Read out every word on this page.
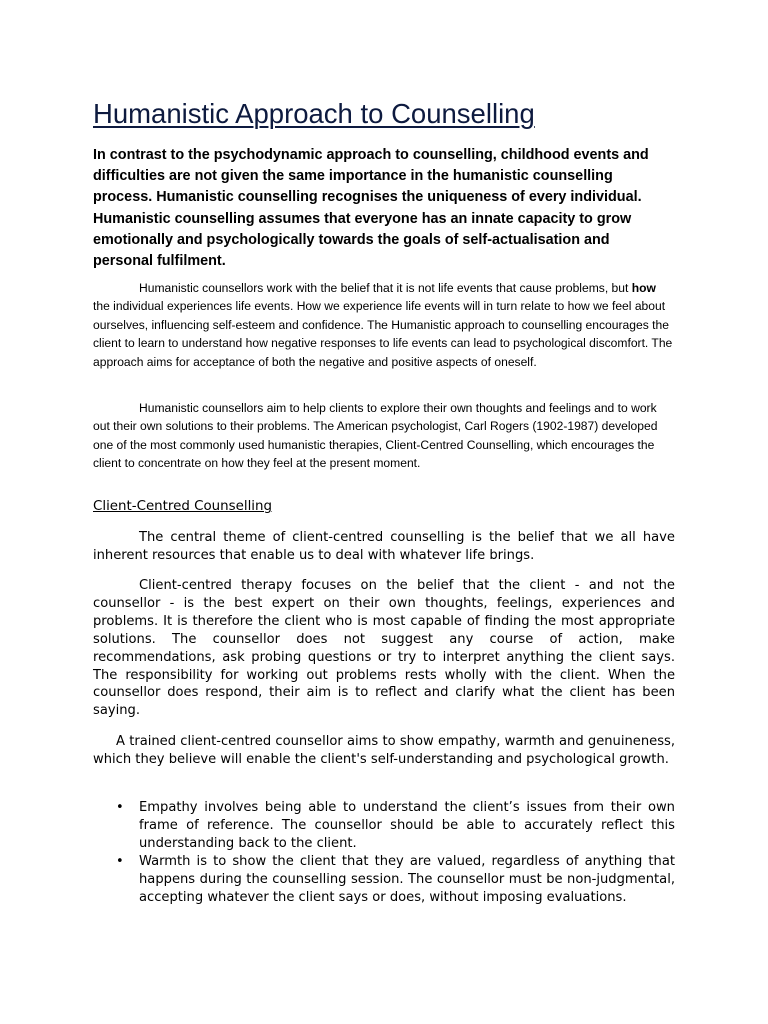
Humanistic Approach to Counselling

In contrast to the psychodynamic approach to counselling, childhood events and difficulties are not given the same importance in the humanistic counselling process. Humanistic counselling recognises the uniqueness of every individual. Humanistic counselling assumes that everyone has an innate capacity to grow emotionally and psychologically towards the goals of self-actualisation and personal fulfilment.

Humanistic counsellors work with the belief that it is not life events that cause problems, but how the individual experiences life events. How we experience life events will in turn relate to how we feel about ourselves, influencing self-esteem and confidence. The Humanistic approach to counselling encourages the client to learn to understand how negative responses to life events can lead to psychological discomfort. The approach aims for acceptance of both the negative and positive aspects of oneself.

Humanistic counsellors aim to help clients to explore their own thoughts and feelings and to work out their own solutions to their problems. The American psychologist, Carl Rogers (1902-1987) developed one of the most commonly used humanistic therapies, Client-Centred Counselling, which encourages the client to concentrate on how they feel at the present moment.

Client-Centred Counselling

The central theme of client-centred counselling is the belief that we all have inherent resources that enable us to deal with whatever life brings.

Client-centred therapy focuses on the belief that the client - and not the counsellor - is the best expert on their own thoughts, feelings, experiences and problems. It is therefore the client who is most capable of finding the most appropriate solutions. The counsellor does not suggest any course of action, make recommendations, ask probing questions or try to interpret anything the client says. The responsibility for working out problems rests wholly with the client. When the counsellor does respond, their aim is to reflect and clarify what the client has been saying.

A trained client-centred counsellor aims to show empathy, warmth and genuineness, which they believe will enable the client's self-understanding and psychological growth.

• Empathy involves being able to understand the client’s issues from their own frame of reference. The counsellor should be able to accurately reflect this understanding back to the client.
• Warmth is to show the client that they are valued, regardless of anything that happens during the counselling session. The counsellor must be non-judgmental, accepting whatever the client says or does, without imposing evaluations.
